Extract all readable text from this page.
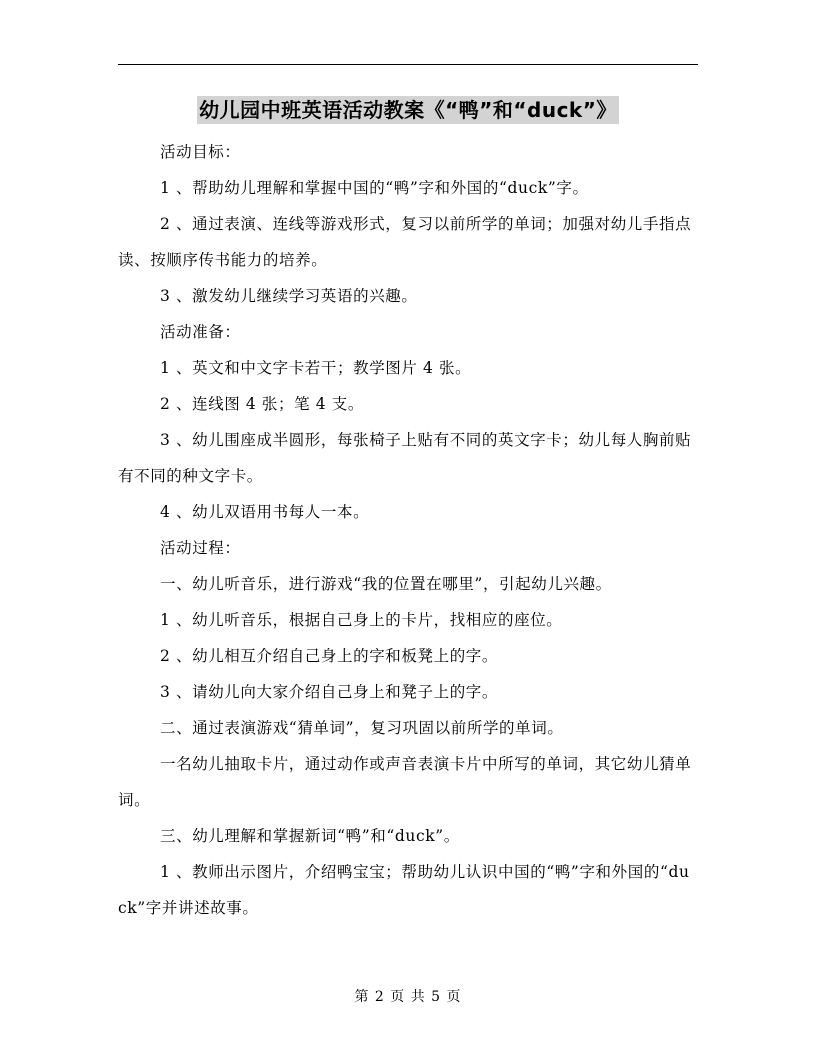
幼儿园中班英语活动教案《“鸭”和“duck”》

活动目标：

1 、帮助幼儿理解和掌握中国的“鸭”字和外国的“duck”字。

2 、通过表演、连线等游戏形式，复习以前所学的单词；加强对幼儿手指点读、按顺序传书能力的培养。

3 、激发幼儿继续学习英语的兴趣。

活动准备：

1 、英文和中文字卡若干；教学图片 4 张。

2 、连线图 4 张；笔 4 支。

3 、幼儿围座成半圆形，每张椅子上贴有不同的英文字卡；幼儿每人胸前贴有不同的种文字卡。

4 、幼儿双语用书每人一本。

活动过程：

一、幼儿听音乐，进行游戏“我的位置在哪里”，引起幼儿兴趣。

1 、幼儿听音乐，根据自己身上的卡片，找相应的座位。

2 、幼儿相互介绍自己身上的字和板凳上的字。

3 、请幼儿向大家介绍自己身上和凳子上的字。

二、通过表演游戏“猜单词”，复习巩固以前所学的单词。

一名幼儿抽取卡片，通过动作或声音表演卡片中所写的单词，其它幼儿猜单词。

三、幼儿理解和掌握新词“鸭”和“duck”。

1 、教师出示图片，介绍鸭宝宝；帮助幼儿认识中国的“鸭”字和外国的“duck”字并讲述故事。

第 2 页 共 5 页
